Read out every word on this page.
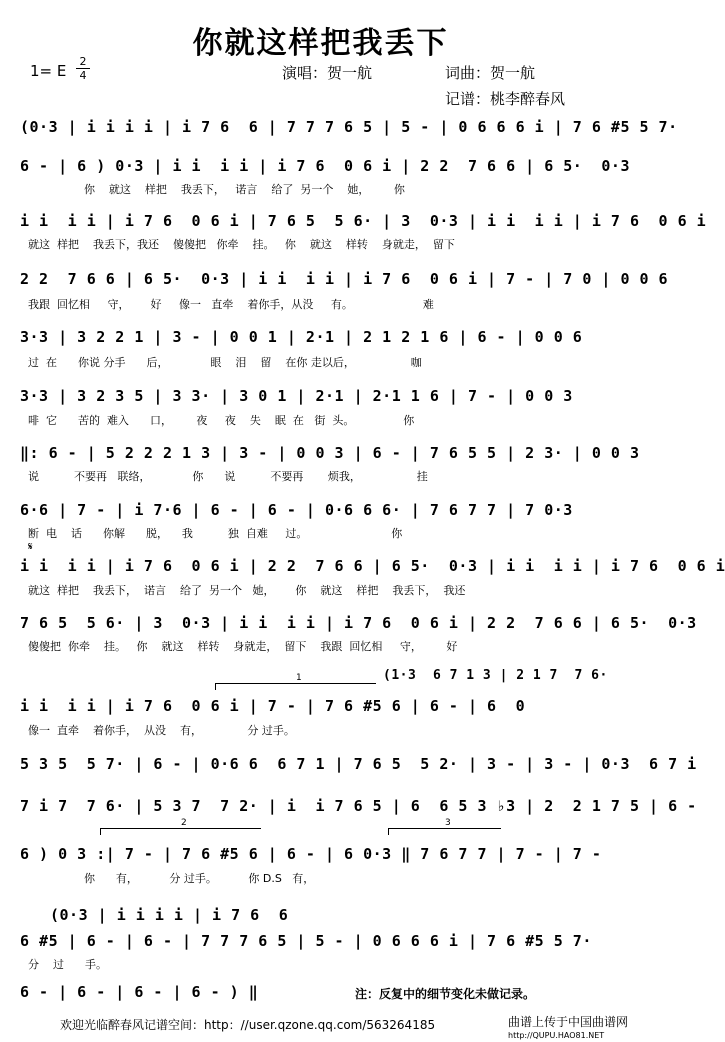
你就这样把我丢下
1= E
2
4	演唱：贺一航	词曲：贺一航
记谱：桃李醉春风
(0·3 | i i i i | i 7 6  6 | 7 7 7 6 5 | 5 - | 0 6 6 6 i | 7 6 #5 5 7·
6 - | 6 ) 0·3 | i i  i i | i 7 6  0 6 i | 2 2  7 6 6 | 6 5·  0·3
你    就这    样把    我丢下，   诺言    给了  另一个    她，       你
i i  i i | i 7 6  0 6 i | 7 6 5  5 6· | 3  0·3 | i i  i i | i 7 6  0 6 i
就这  样把    我丢下，我还    傻傻把   你牵    挂。   你    就这    样转    身就走，  留下
2 2  7 6 6 | 6 5·  0·3 | i i  i i | i 7 6  0 6 i | 7 - | 7 0 | 0 0 6
我跟  回忆相     守，      好     像一   直牵    着你手，从没     有。                    难
3·3 | 3 2 2 1 | 3 - | 0 0 1 | 2·1 | 2 1 2 1 6 | 6 - | 0 0 6
过  在      你说 分手      后，            眼    泪    留    在你 走以后，                咖
3·3 | 3 2 3 5 | 3 3· | 3 0 1 | 2·1 | 2·1 1 6 | 7 - | 0 0 3
啡  它      苦的  难入      口，       夜     夜    失    眠  在   街  头。              你
‖: 6 - | 5 2 2 2 1 3 | 3 - | 0 0 3 | 6 - | 7 6 5 5 | 2 3· | 0 0 3
说          不要再   联络，            你      说          不要再       烦我，                挂
6·6 | 7 - | i 7·6 | 6 - | 6 - | 0·6 6 6· | 7 6 7 7 | 7 0·3
断  电    话      你解      脱，    我          独  自难     过。                        你
𝄋
i i  i i | i 7 6  0 6 i | 2 2  7 6 6 | 6 5·  0·3 | i i  i i | i 7 6  0 6 i
就这  样把    我丢下，  诺言    给了  另一个   她，      你    就这    样把    我丢下，  我还
7 6 5  5 6· | 3  0·3 | i i  i i | i 7 6  0 6 i | 2 2  7 6 6 | 6 5·  0·3
傻傻把  你牵    挂。   你    就这    样转    身就走，  留下    我跟  回忆相     守，       好
1	(1·3  6 7 1 3 | 2 1 7  7 6·
i i  i i | i 7 6  0 6 i | 7 - | 7 6 #5 6 | 6 - | 6  0
像一  直牵    着你手，  从没    有，             分 过手。
5 3 5  5 7· | 6 - | 0·6 6  6 7 1 | 7 6 5  5 2· | 3 - | 3 - | 0·3  6 7 i
7 i 7  7 6· | 5 3 7  7 2· | i  i 7 6 5 | 6  6 5 3 ♭3 | 2  2 1 7 5 | 6 -
2	3
6 ) 0 3 :| 7 - | 7 6 #5 6 | 6 - | 6 0·3 ‖ 7 6 7 7 | 7 - | 7 -
你      有，         分 过手。         你 D.S   有，
(0·3 | i i i i | i 7 6  6
6 #5 | 6 - | 6 - | 7 7 7 6 5 | 5 - | 0 6 6 6 i | 7 6 #5 5 7·
分    过      手。
6 - | 6 - | 6 - | 6 - ) ‖	注：反复中的细节变化未做记录。
欢迎光临醉春风记谱空间：http：//user.qzone.qq.com/563264185	曲谱上传于中国曲谱网
http://QUPU.HAO81.NET
